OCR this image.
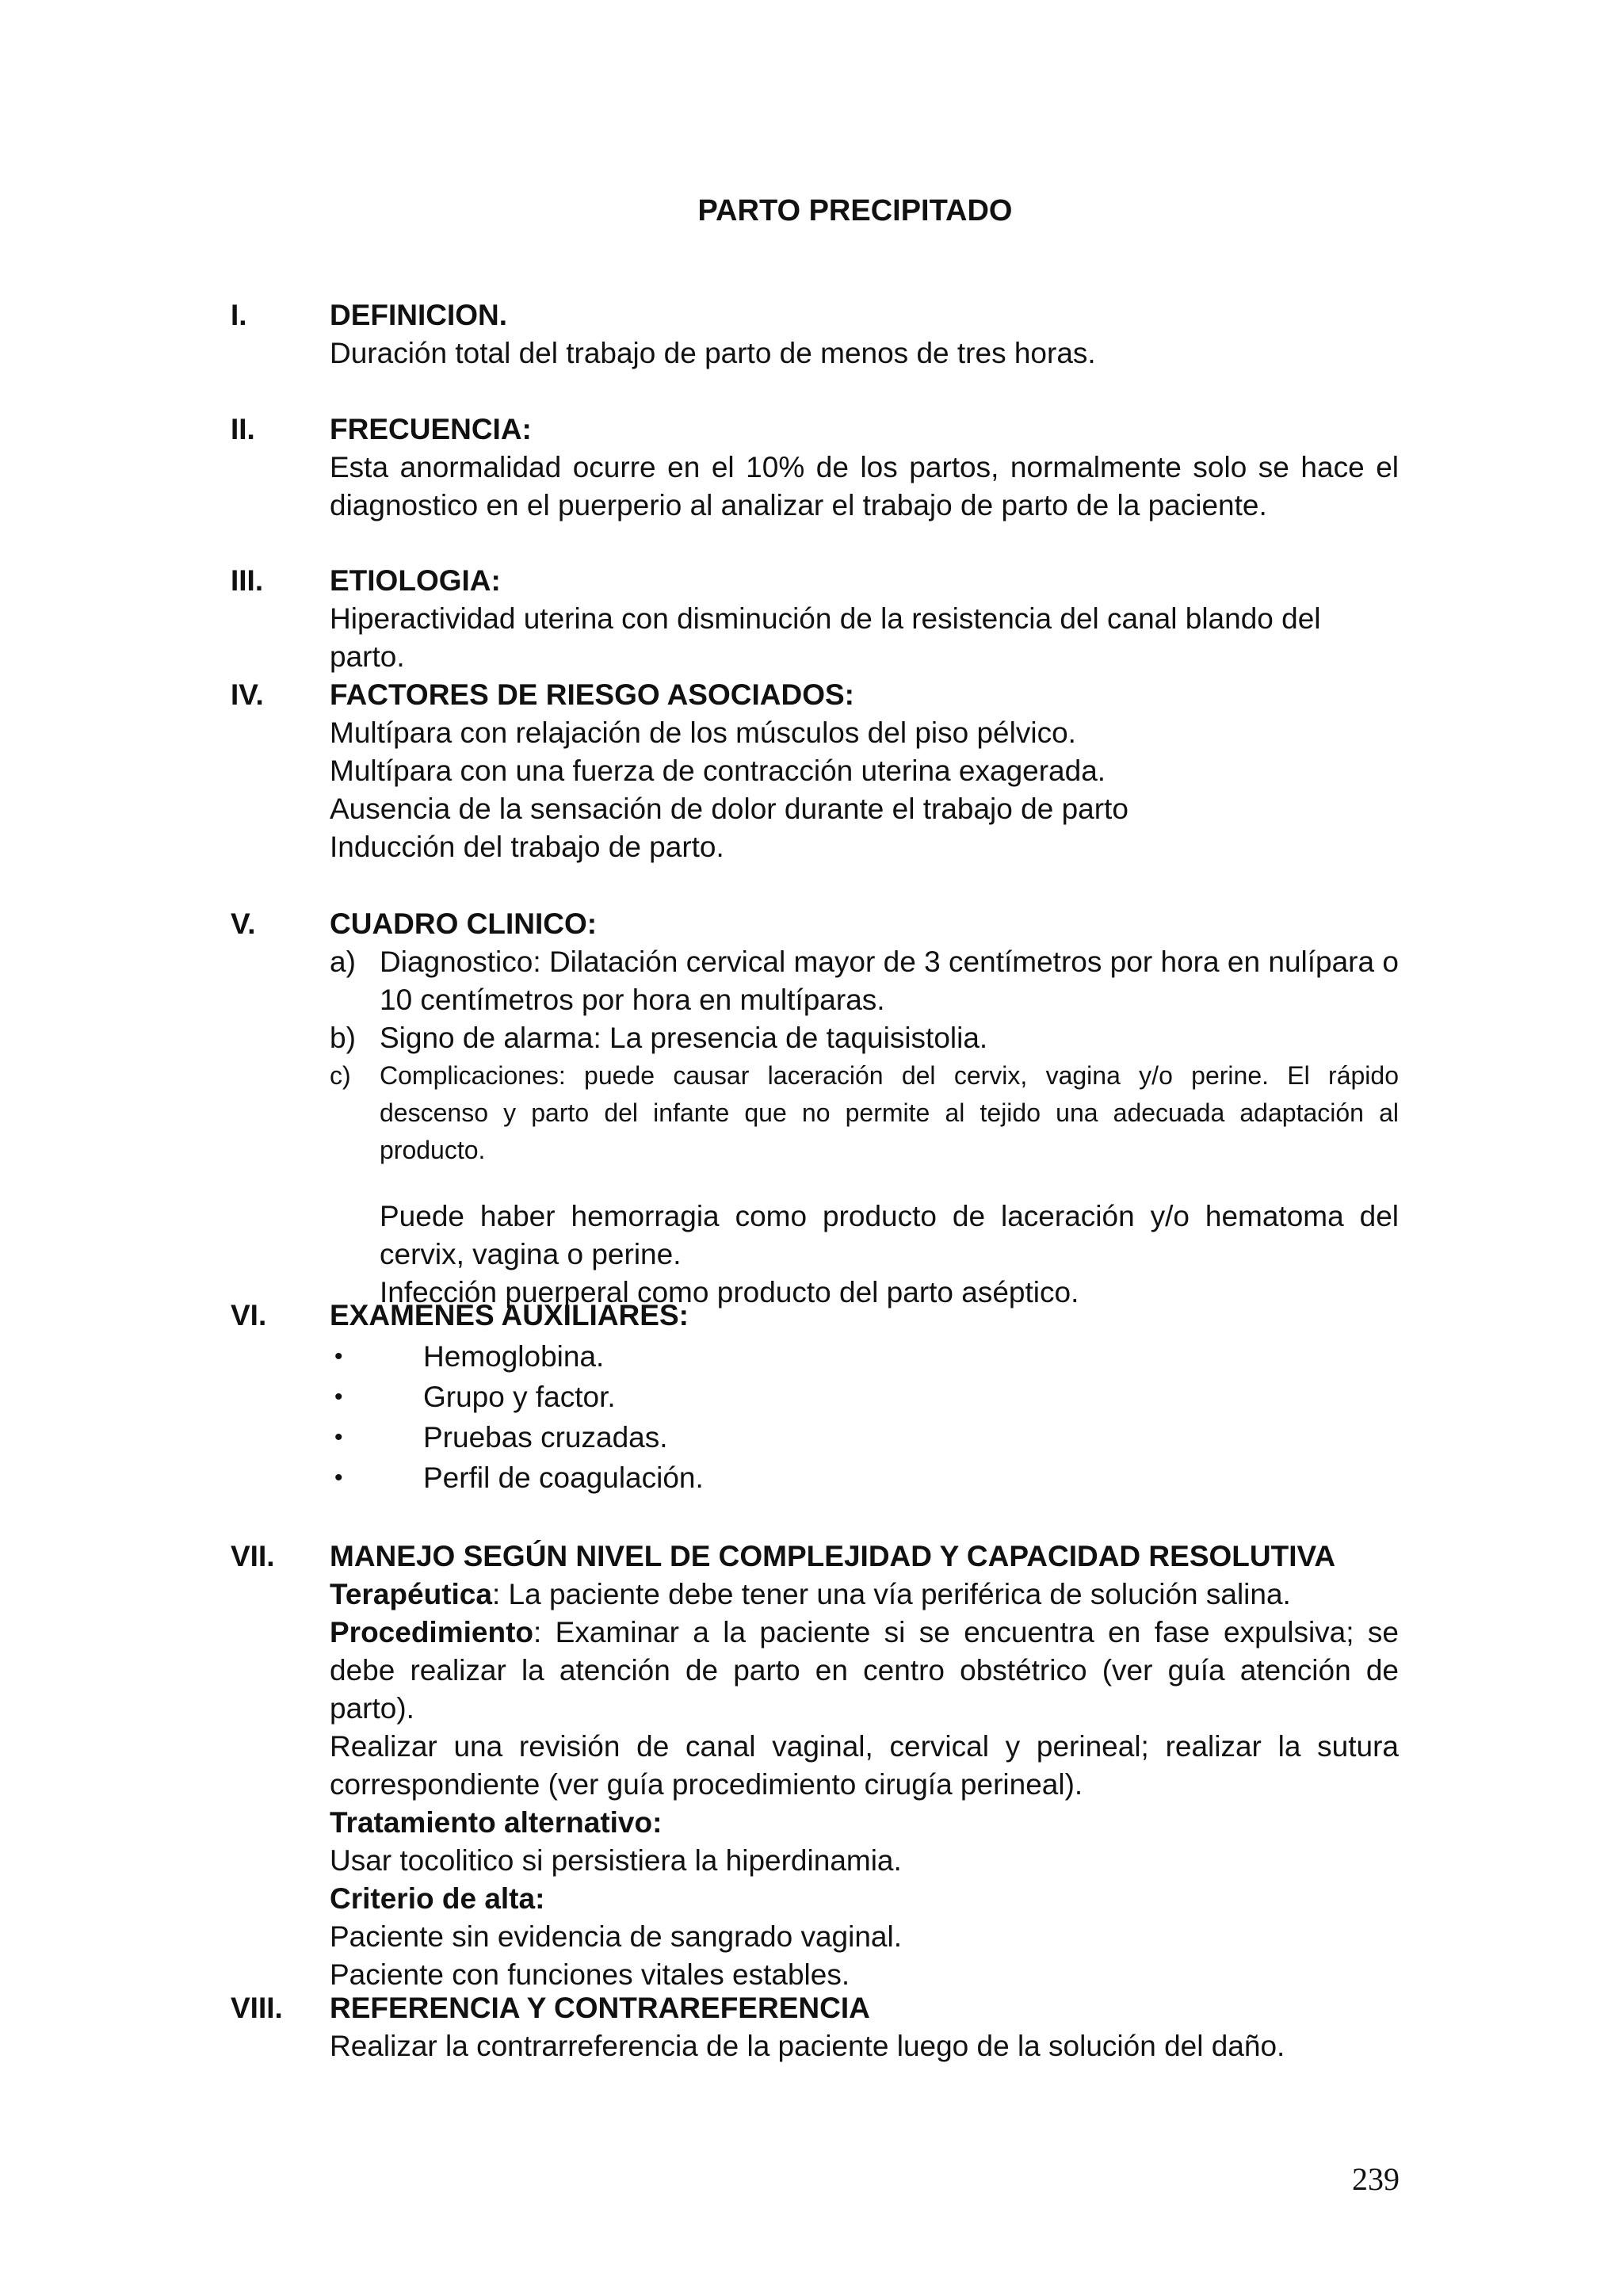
PARTO PRECIPITADO
I.	DEFINICION.

Duración total del trabajo de parto de menos de tres horas.

II.	FRECUENCIA:

Esta anormalidad ocurre en el 10% de los partos, normalmente solo se hace el diagnostico en el puerperio al analizar el trabajo de parto de la paciente.

III. ETIOLOGIA:

Hiperactividad uterina con disminución de la resistencia del canal blando del parto.

IV. FACTORES DE RIESGO ASOCIADOS:

Multípara con relajación de los músculos del piso pélvico.

Multípara con una fuerza de contracción uterina exagerada.

Ausencia de la sensación de dolor durante el trabajo de parto

Inducción del trabajo de parto.

V.	CUADRO CLINICO:

a) Diagnostico: Dilatación cervical mayor de 3 centímetros por hora en nulípara o 10 centímetros por hora en multíparas.

b) Signo de alarma: La presencia de taquisistolia.

c) Complicaciones: puede causar laceración del cervix, vagina y/o perine. El rápido descenso y parto del infante que no permite al tejido una adecuada adaptación al producto.

Puede haber hemorragia como producto de laceración y/o hematoma del cervix, vagina o perine.

Infección puerperal como producto del parto aséptico.

VI. EXAMENES AUXILIARES:

•	Hemoglobina.
•	Grupo y factor.
•	Pruebas cruzadas.
•	Perfil de coagulación.
VII. MANEJO SEGÚN NIVEL DE COMPLEJIDAD Y CAPACIDAD RESOLUTIVA

Terapéutica: La paciente debe tener una vía periférica de solución salina.

Procedimiento: Examinar a la paciente si se encuentra en fase expulsiva; se debe realizar la atención de parto en centro obstétrico (ver guía atención de parto).

Realizar una revisión de canal vaginal, cervical y perineal; realizar la sutura correspondiente (ver guía procedimiento cirugía perineal).

Tratamiento alternativo:

Usar tocolitico si persistiera la hiperdinamia.

Criterio de alta:

Paciente sin evidencia de sangrado vaginal.

Paciente con funciones vitales estables.

VIII. REFERENCIA Y CONTRAREFERENCIA

Realizar la contrarreferencia de la paciente luego de la solución del daño.

239
